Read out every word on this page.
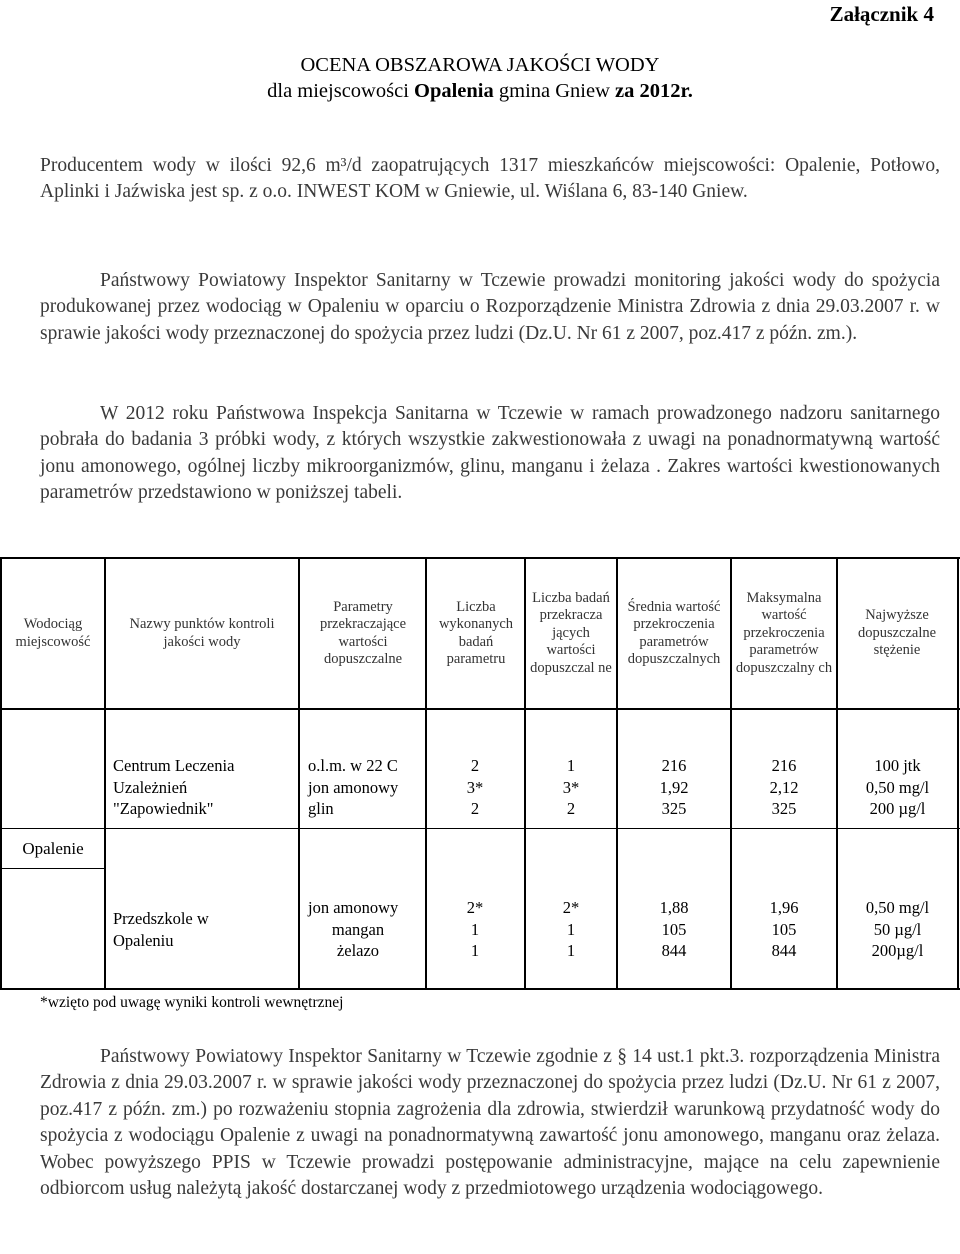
Załącznik 4
OCENA OBSZAROWA JAKOŚCI WODY
dla miejscowości Opalenia gmina Gniew za 2012r.
Producentem wody w ilości 92,6 m³/d zaopatrujących 1317 mieszkańców miejscowości: Opalenie, Potłowo, Aplinki i Jaźwiska jest sp. z o.o. INWEST KOM w Gniewie, ul. Wiślana 6, 83-140 Gniew.
Państwowy Powiatowy Inspektor Sanitarny w Tczewie prowadzi monitoring jakości wody do spożycia produkowanej przez wodociąg w Opaleniu w oparciu o Rozporządzenie Ministra Zdrowia z dnia 29.03.2007 r. w sprawie jakości wody przeznaczonej do spożycia przez ludzi (Dz.U. Nr 61 z 2007, poz.417 z późn. zm.).
W 2012 roku Państwowa Inspekcja Sanitarna w Tczewie w ramach prowadzonego nadzoru sanitarnego pobrała do badania 3 próbki wody, z których wszystkie zakwestionowała z uwagi na ponadnormatywną wartość jonu amonowego, ogólnej liczby mikroorganizmów, glinu, manganu i żelaza . Zakres wartości kwestionowanych parametrów przedstawiono w poniższej tabeli.
Wodociąg miejscowość
Nazwy punktów kontroli jakości wody
Parametry przekraczające wartości dopuszczalne
Liczba wykonanych badań parametru
Liczba badań przekracza jących wartości dopuszczal ne
Średnia wartość przekroczenia parametrów dopuszczalnych
Maksymalna wartość przekroczenia parametrów dopuszczalny ch
Najwyższe dopuszczalne stężenie
Opalenie
Centrum Leczenia
Uzależnień
"Zapowiednik"
o.l.m. w 22 C
jon amonowy
glin
2
3*
2
1
3*
2
216
1,92
325
216
2,12
325
100 jtk
0,50 mg/l
200 µg/l
Przedszkole w
Opaleniu
jon amonowy
mangan
żelazo
2*
1
1
2*
1
1
1,88
105
844
1,96
105
844
0,50 mg/l
50 µg/l
200µg/l
*wzięto pod uwagę wyniki kontroli wewnętrznej
Państwowy Powiatowy Inspektor Sanitarny w Tczewie zgodnie z § 14 ust.1 pkt.3. rozporządzenia Ministra Zdrowia z dnia 29.03.2007 r. w sprawie jakości wody przeznaczonej do spożycia przez ludzi (Dz.U. Nr 61 z 2007, poz.417 z późn. zm.) po rozważeniu stopnia zagrożenia dla zdrowia, stwierdził warunkową przydatność wody do spożycia z wodociągu Opalenie z uwagi na ponadnormatywną zawartość jonu amonowego, manganu oraz żelaza. Wobec powyższego PPIS w Tczewie prowadzi postępowanie administracyjne, mające na celu zapewnienie odbiorcom usług należytą jakość dostarczanej wody z przedmiotowego urządzenia wodociągowego.
